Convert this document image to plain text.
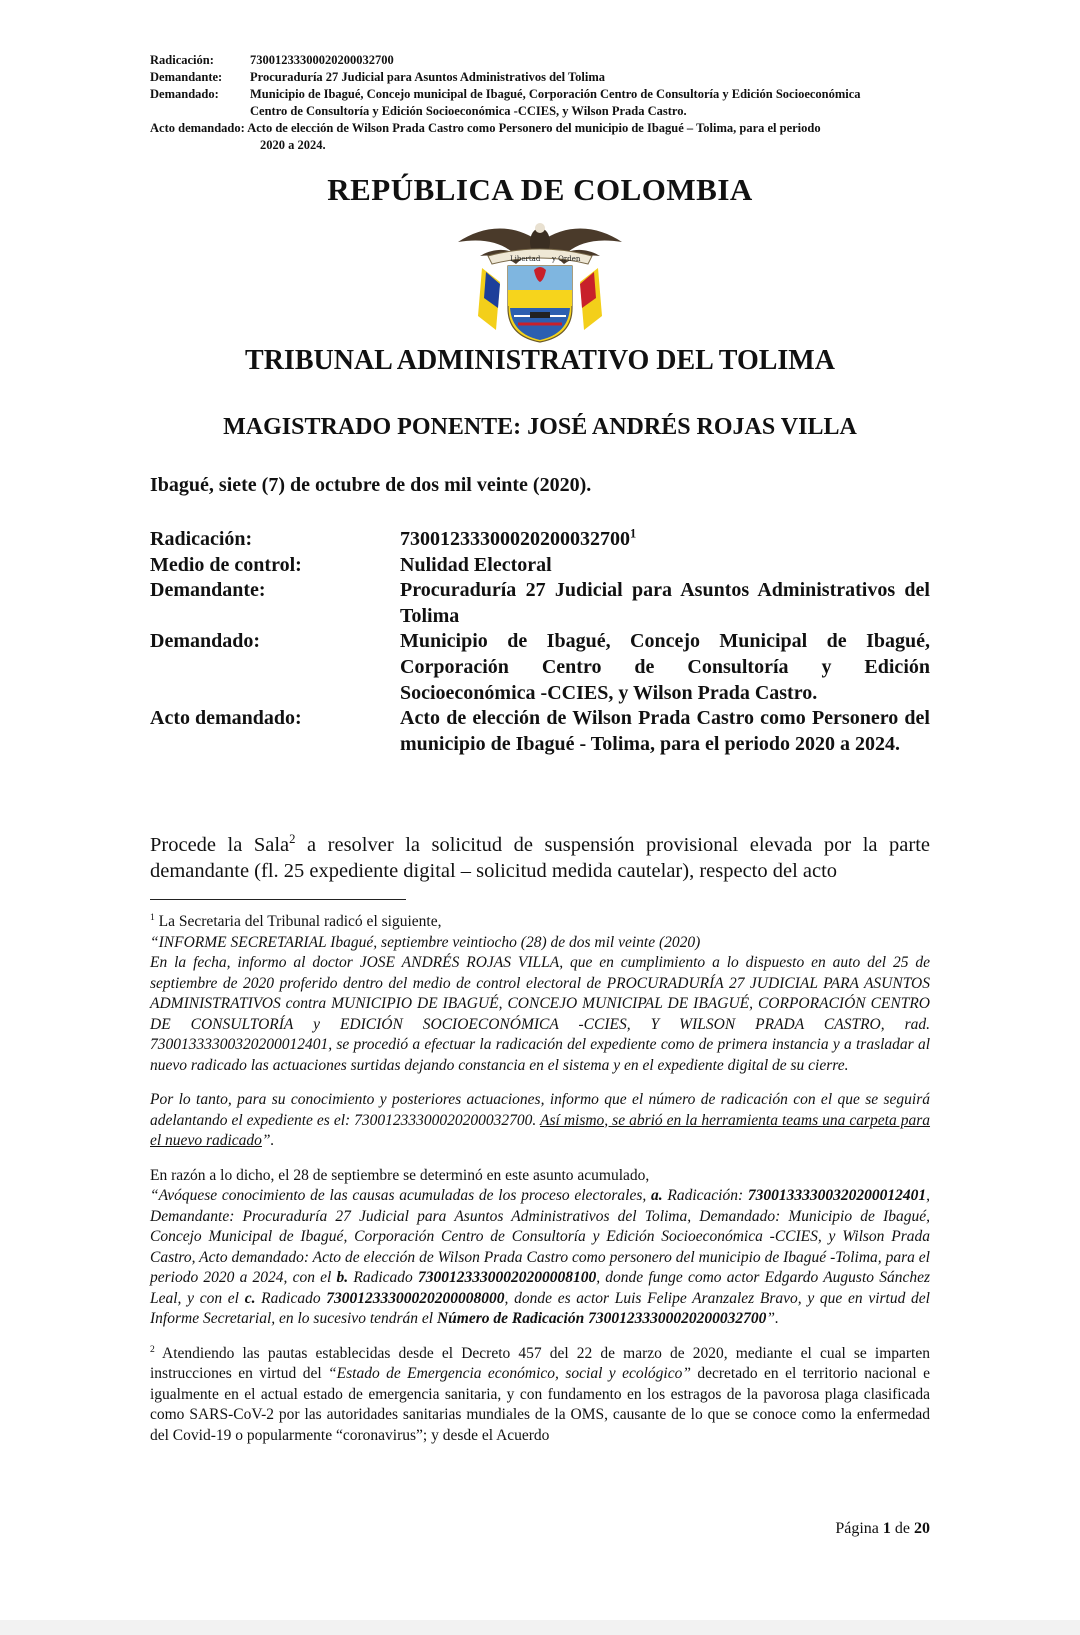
Radicación:	73001233300020200032700
Demandante:	Procuraduría 27 Judicial para Asuntos Administrativos del Tolima
Demandado:	Municipio de Ibagué, Concejo municipal de Ibagué, Corporación Centro de Consultoría y Edición Socioeconómica
Centro de Consultoría y Edición Socioeconómica -CCIES, y Wilson Prada Castro.
Acto demandado: Acto de elección de Wilson Prada Castro como Personero del municipio de Ibagué – Tolima, para el periodo
2020 a 2024.
REPÚBLICA DE COLOMBIA
Libertad y Orden
TRIBUNAL ADMINISTRATIVO DEL TOLIMA
MAGISTRADO PONENTE: JOSÉ ANDRÉS ROJAS VILLA
Ibagué, siete (7) de octubre de dos mil veinte (2020).
Radicación:	73001233300020200032700$^1$
Medio de control:	Nulidad Electoral
Demandante:	Procuraduría 27 Judicial para Asuntos Administrativos del Tolima
Demandado:	Municipio de Ibagué, Concejo Municipal de Ibagué, Corporación Centro de Consultoría y Edición Socioeconómica -CCIES, y Wilson Prada Castro.
Acto demandado:	Acto de elección de Wilson Prada Castro como Personero del municipio de Ibagué - Tolima, para el periodo 2020 a 2024.
Procede la Sala$^2$ a resolver la solicitud de suspensión provisional elevada por la parte demandante (fl. 25 expediente digital – solicitud medida cautelar), respecto del acto

$^1$ La Secretaria del Tribunal radicó el siguiente,

“INFORME SECRETARIAL Ibagué, septiembre veintiocho (28) de dos mil veinte (2020)

En la fecha, informo al doctor JOSE ANDRÉS ROJAS VILLA, que en cumplimiento a lo dispuesto en auto del 25 de septiembre de 2020 proferido dentro del medio de control electoral de PROCURADURÍA 27 JUDICIAL PARA ASUNTOS ADMINISTRATIVOS contra MUNICIPIO DE IBAGUÉ, CONCEJO MUNICIPAL DE IBAGUÉ, CORPORACIÓN CENTRO DE CONSULTORÍA y EDICIÓN SOCIOECONÓMICA -CCIES, Y WILSON PRADA CASTRO, rad. 73001333300320200012401, se procedió a efectuar la radicación del expediente como de primera instancia y a trasladar al nuevo radicado las actuaciones surtidas dejando constancia en el sistema y en el expediente digital de su cierre.

Por lo tanto, para su conocimiento y posteriores actuaciones, informo que el número de radicación con el que se seguirá adelantando el expediente es el: 73001233300020200032700. Así mismo, se abrió en la herramienta teams una carpeta para el nuevo radicado”.

En razón a lo dicho, el 28 de septiembre se determinó en este asunto acumulado,

“Avóquese conocimiento de las causas acumuladas de los proceso electorales, a. Radicación: 73001333300320200012401, Demandante: Procuraduría 27 Judicial para Asuntos Administrativos del Tolima, Demandado: Municipio de Ibagué, Concejo Municipal de Ibagué, Corporación Centro de Consultoría y Edición Socioeconómica -CCIES, y Wilson Prada Castro, Acto demandado: Acto de elección de Wilson Prada Castro como personero del municipio de Ibagué -Tolima, para el periodo 2020 a 2024, con el b. Radicado 73001233300020200008100, donde funge como actor Edgardo Augusto Sánchez Leal, y con el c. Radicado 73001233300020200008000, donde es actor Luis Felipe Aranzalez Bravo, y que en virtud del Informe Secretarial, en lo sucesivo tendrán el Número de Radicación 73001233300020200032700”.

$^2$ Atendiendo las pautas establecidas desde el Decreto 457 del 22 de marzo de 2020, mediante el cual se imparten instrucciones en virtud del “Estado de Emergencia económico, social y ecológico” decretado en el territorio nacional e igualmente en el actual estado de emergencia sanitaria, y con fundamento en los estragos de la pavorosa plaga clasificada como SARS-CoV-2 por las autoridades sanitarias mundiales de la OMS, causante de lo que se conoce como la enfermedad del Covid-19 o popularmente “coronavirus”; y desde el Acuerdo

Página 1 de 20
